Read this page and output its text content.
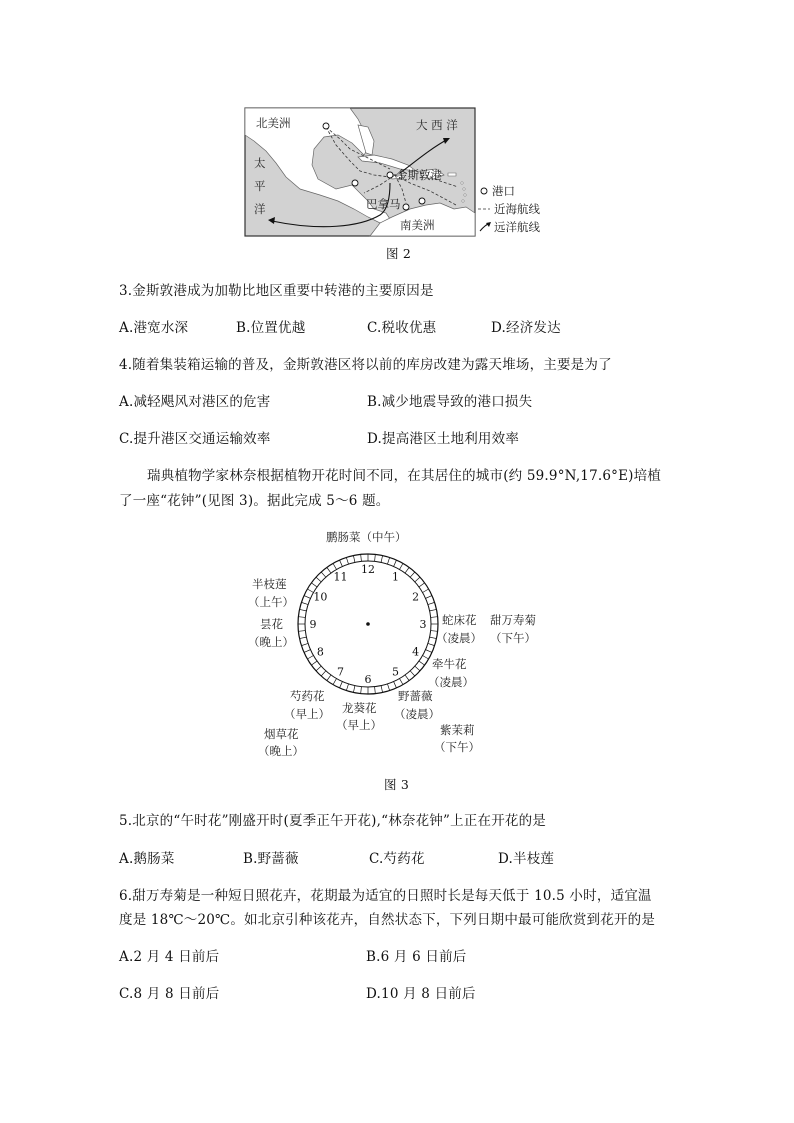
北美洲	大 西 洋
太
平
洋
金斯敦港
巴拿马
南美洲
港口
近海航线
远洋航线
图 2
3.金斯敦港成为加勒比地区重要中转港的主要原因是
A.港宽水深	B.位置优越	C.税收优惠	D.经济发达
4.随着集装箱运输的普及，金斯敦港区将以前的库房改建为露天堆场，主要是为了
A.减轻飓风对港区的危害	B.减少地震导致的港口损失
C.提升港区交通运输效率	D.提高港区土地利用效率
瑞典植物学家林奈根据植物开花时间不同，在其居住的城市(约 59.9°N,17.6°E)培植
了一座“花钟”(见图 3)。据此完成 5～6 题。
12
1
2
3
4
5
6
7
8
9
10
11
鹏肠菜（中午）
半枝莲
（上午）
昙花
（晚上）
蛇床花
（凌晨）
甜万寿菊
（下午）
牵牛花
（凌晨）
野蔷薇
（凌晨）
芍药花
（早上） 龙葵花
（早上）
烟草花
（晚上）
紫茉莉
（下午）
图 3
5.北京的“午时花”刚盛开时(夏季正午开花),“林奈花钟”上正在开花的是
A.鹅肠菜	B.野蔷薇	C.芍药花	D.半枝莲
6.甜万寿菊是一种短日照花卉，花期最为适宜的日照时长是每天低于 10.5 小时，适宜温
度是 18℃～20℃。如北京引种该花卉，自然状态下，下列日期中最可能欣赏到花开的是
A.2 月 4 日前后	B.6 月 6 日前后
C.8 月 8 日前后	D.10 月 8 日前后
